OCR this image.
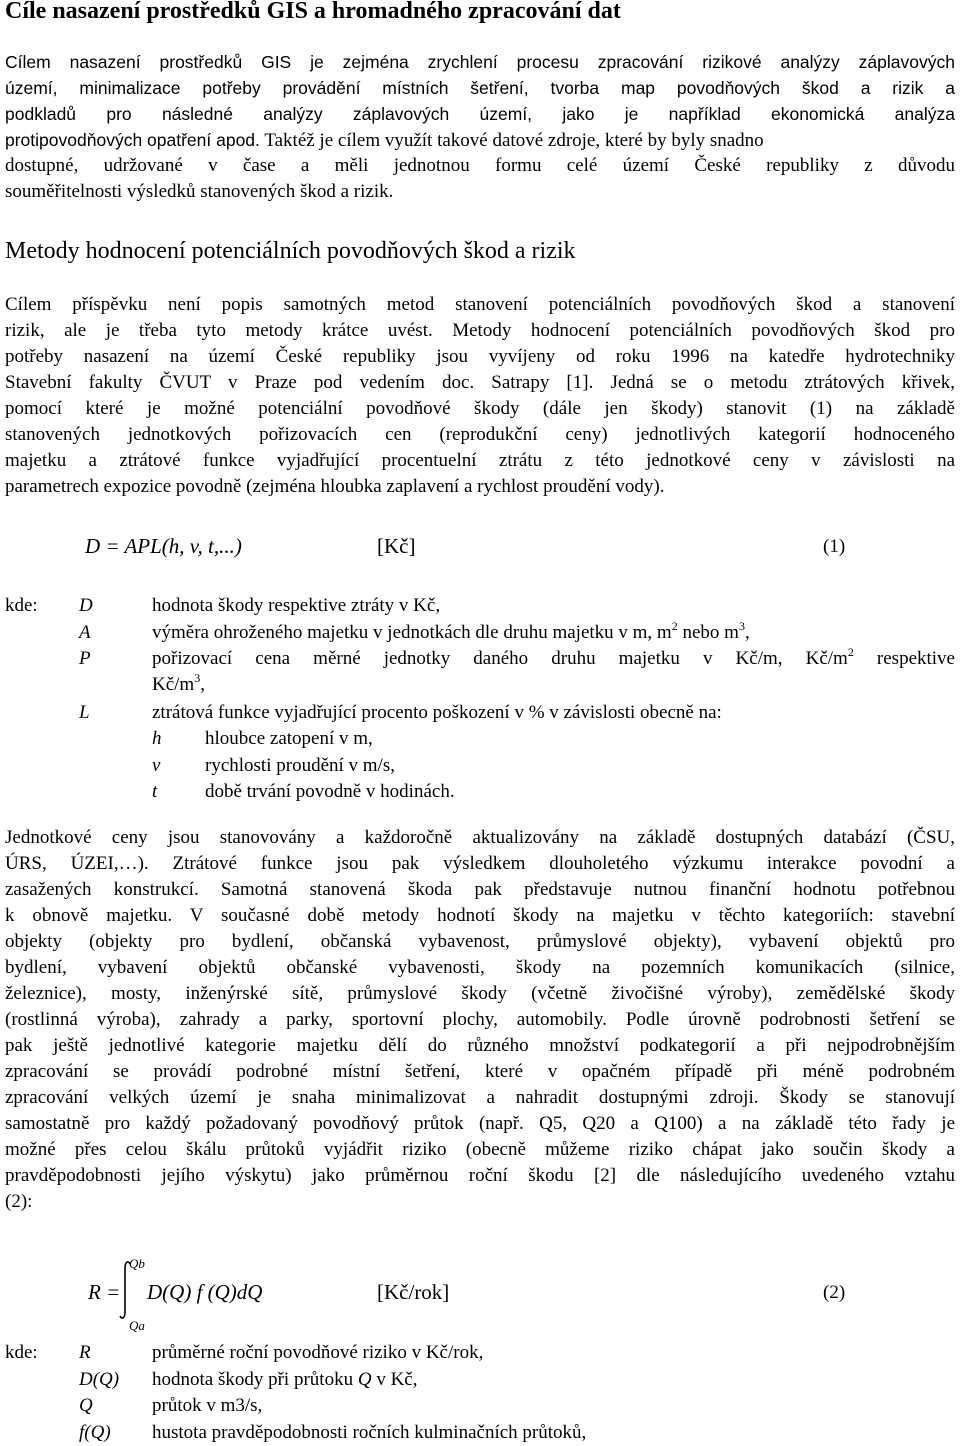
Cíle nasazení prostředků GIS a hromadného zpracování dat
Cílem nasazení prostředků GIS je zejména zrychlení procesu zpracování rizikové analýzy záplavových
území, minimalizace potřeby provádění místních šetření, tvorba map povodňových škod a rizik a
podkladů pro následné analýzy záplavových území, jako je například ekonomická analýza
protipovodňových opatření apod. Taktéž je cílem využít takové datové zdroje, které by byly snadno
dostupné, udržované v čase a měli jednotnou formu celé území České republiky z důvodu
souměřitelnosti výsledků stanovených škod a rizik.
Metody hodnocení potenciálních povodňových škod a rizik
Cílem příspěvku není popis samotných metod stanovení potenciálních povodňových škod a stanovení
rizik, ale je třeba tyto metody krátce uvést. Metody hodnocení potenciálních povodňových škod pro
potřeby nasazení na území České republiky jsou vyvíjeny od roku 1996 na katedře hydrotechniky
Stavební fakulty ČVUT v Praze pod vedením doc. Satrapy [1]. Jedná se o metodu ztrátových křivek,
pomocí které je možné potenciální povodňové škody (dále jen škody) stanovit (1) na základě
stanovených jednotkových pořizovacích cen (reprodukční ceny) jednotlivých kategorií hodnoceného
majetku a ztrátové funkce vyjadřující procentuelní ztrátu z této jednotkové ceny v závislosti na
parametrech expozice povodně (zejména hloubka zaplavení a rychlost proudění vody).
D = APL(h, v, t,...)	[Kč]	(1)
kde: D	hodnota škody respektive ztráty v Kč,
A	výměra ohroženého majetku v jednotkách dle druhu majetku v m, $m^2$ nebo $m^3$,
P	pořizovací cena měrné jednotky daného druhu majetku v Kč/m, $Kč/m^2$ respektive
$Kč/m^3$,
L	ztrátová funkce vyjadřující procento poškození v % v závislosti obecně na:
h hloubce zatopení v m,
v rychlosti proudění v m/s,
t	době trvání povodně v hodinách.
Jednotkové ceny jsou stanovovány a každoročně aktualizovány na základě dostupných databází (ČSU,
ÚRS, ÚZEI,…). Ztrátové funkce jsou pak výsledkem dlouholetého výzkumu interakce povodní a
zasažených konstrukcí. Samotná stanovená škoda pak představuje nutnou finanční hodnotu potřebnou
k obnově majetku. V současné době metody hodnotí škody na majetku v těchto kategoriích: stavební
objekty (objekty pro bydlení, občanská vybavenost, průmyslové objekty), vybavení objektů pro
bydlení, vybavení objektů občanské vybavenosti, škody na pozemních komunikacích (silnice,
železnice), mosty, inženýrské sítě, průmyslové škody (včetně živočišné výroby), zemědělské škody
(rostlinná výroba), zahrady a parky, sportovní plochy, automobily. Podle úrovně podrobnosti šetření se
pak ještě jednotlivé kategorie majetku dělí do různého množství podkategorií a při nejpodrobnějším
zpracování se provádí podrobné místní šetření, které v opačném případě při méně podrobném
zpracování velkých území je snaha minimalizovat a nahradit dostupnými zdroji. Škody se stanovují
samostatně pro každý požadovaný povodňový průtok (např. Q5, Q20 a Q100) a na základě této řady je
možné přes celou škálu průtoků vyjádřit riziko (obecně můžeme riziko chápat jako součin škody a
pravděpodobnosti jejího výskytu) jako průměrnou roční škodu [2] dle následujícího uvedeného vztahu
(2):
R =
Qb
Qa
D(Q) f (Q)dQ	[Kč/rok]	(2)
kde: R	průměrné roční povodňové riziko v Kč/rok,
D(Q) hodnota škody při průtoku Q v Kč,
Q	průtok v m3/s,
f(Q) hustota pravděpodobnosti ročních kulminačních průtoků,
